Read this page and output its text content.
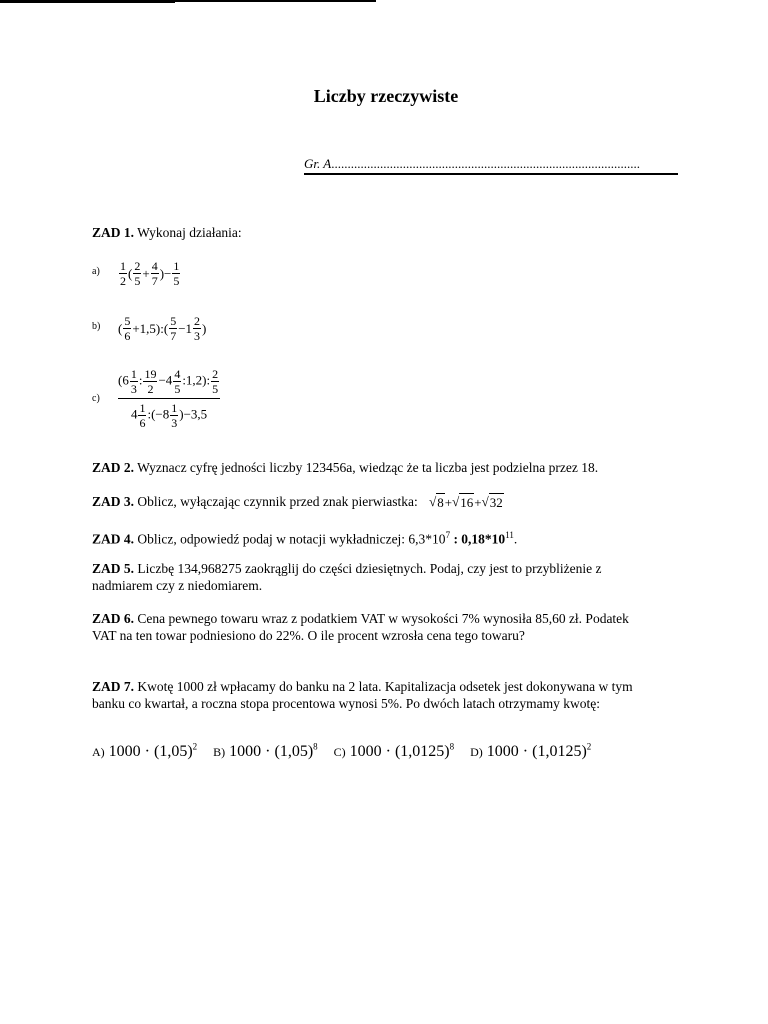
Liczby rzeczywiste
Gr. A...............................................................................................
ZAD 1. Wykonaj działania:
$a) \frac{1}{2}$ ( $\frac{2}{5} + \frac{4}{7}$ )− $\frac{1}{5}$
b) ( $\frac{5}{6}$ +1,5):( $\frac{5}{7} -1 \frac{2}{3}$ )
c)
($6 \frac{1}{3}$ : $\frac{19}{2} -4 \frac{4}{5}$ :1,2): $\frac{2}{5}$
$4 \frac{1}{6}$ :(−8 $\frac{1}{3} )-3,5$
ZAD 2. Wyznacz cyfrę jedności liczby 123456a, wiedząc że ta liczba jest podzielna przez 18.
ZAD 3. Oblicz, wyłączając czynnik przed znak pierwiastka: √ 8 + √ 16 + √ 32
ZAD 4. Oblicz, odpowiedź podaj w notacji wykładniczej: $6,3*10^7$ : $0,18*10^{11}$.
ZAD 5. Liczbę 134,968275 zaokrąglij do części dziesiętnych. Podaj, czy jest to przybliżenie z nadmiarem czy z niedomiarem.
ZAD 6. Cena pewnego towaru wraz z podatkiem VAT w wysokości 7% wynosiła 85,60 zł. Podatek VAT na ten towar podniesiono do 22%. O ile procent wzrosła cena tego towaru?
ZAD 7. Kwotę 1000 zł wpłacamy do banku na 2 lata. Kapitalizacja odsetek jest dokonywana w tym banku co kwartał, a roczna stopa procentowa wynosi 5%. Po dwóch latach otrzymamy kwotę:
A) $1000 \cdot (1,05)^2$ B) $1000 \cdot (1,05)^8$ C) $1000 \cdot (1,0125)^8$ D) $1000 \cdot (1,0125)^2$
